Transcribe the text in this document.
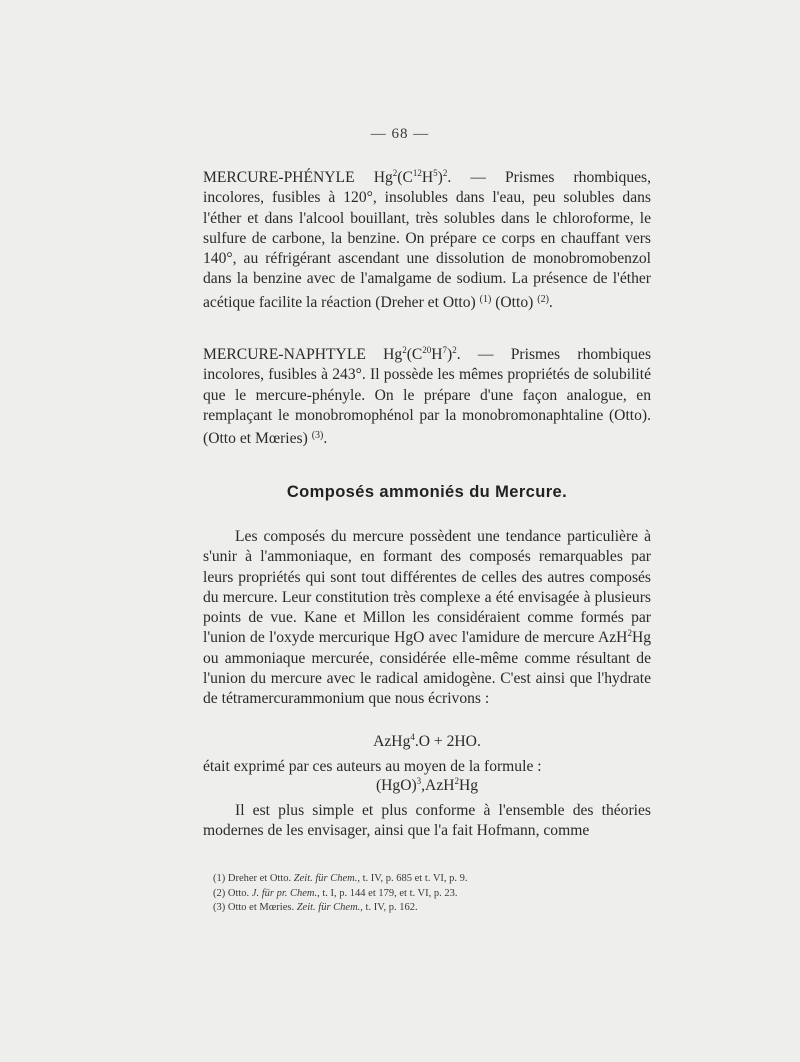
— 68 —
MERCURE-PHÉNYLE $Hg^2(C^{12}H^5)^2$. — Prismes rhombiques, incolores, fusibles à 120°, insolubles dans l'eau, peu solubles dans l'éther et dans l'alcool bouillant, très solubles dans le chloroforme, le sulfure de carbone, la benzine. On prépare ce corps en chauffant vers 140°, au réfrigérant ascendant une dissolution de monobromobenzol dans la benzine avec de l'amalgame de sodium. La présence de l'éther acétique facilite la réaction (Dreher et Otto) $^{(1)}$ (Otto) $^{(2)}$.
MERCURE-NAPHTYLE $Hg^2(C^{20}H^7)^2$. — Prismes rhombiques incolores, fusibles à 243°. Il possède les mêmes propriétés de solubilité que le mercure-phényle. On le prépare d'une façon analogue, en remplaçant le monobromophénol par la monobromonaphtaline (Otto). (Otto et Mœries) $^{(3)}$.
Composés ammoniés du Mercure.
Les composés du mercure possèdent une tendance particulière à s'unir à l'ammoniaque, en formant des composés remarquables par leurs propriétés qui sont tout différentes de celles des autres composés du mercure. Leur constitution très complexe a été envisagée à plusieurs points de vue. Kane et Millon les considéraient comme formés par l'union de l'oxyde mercurique HgO avec l'amidure de mercure AzH$^2$Hg ou ammoniaque mercurée, considérée elle-même comme résultant de l'union du mercure avec le radical amidogène. C'est ainsi que l'hydrate de tétramercurammonium que nous écrivons :
AzHg$^4$.O + 2HO.
était exprimé par ces auteurs au moyen de la formule :
(HgO)$^3$,AzH$^2$Hg
Il est plus simple et plus conforme à l'ensemble des théories modernes de les envisager, ainsi que l'a fait Hofmann, comme
(1) Dreher et Otto. Zeit. für Chem., t. IV, p. 685 et t. VI, p. 9.
(2) Otto. J. für pr. Chem., t. I, p. 144 et 179, et t. VI, p. 23.
(3) Otto et Mœries. Zeit. für Chem., t. IV, p. 162.
